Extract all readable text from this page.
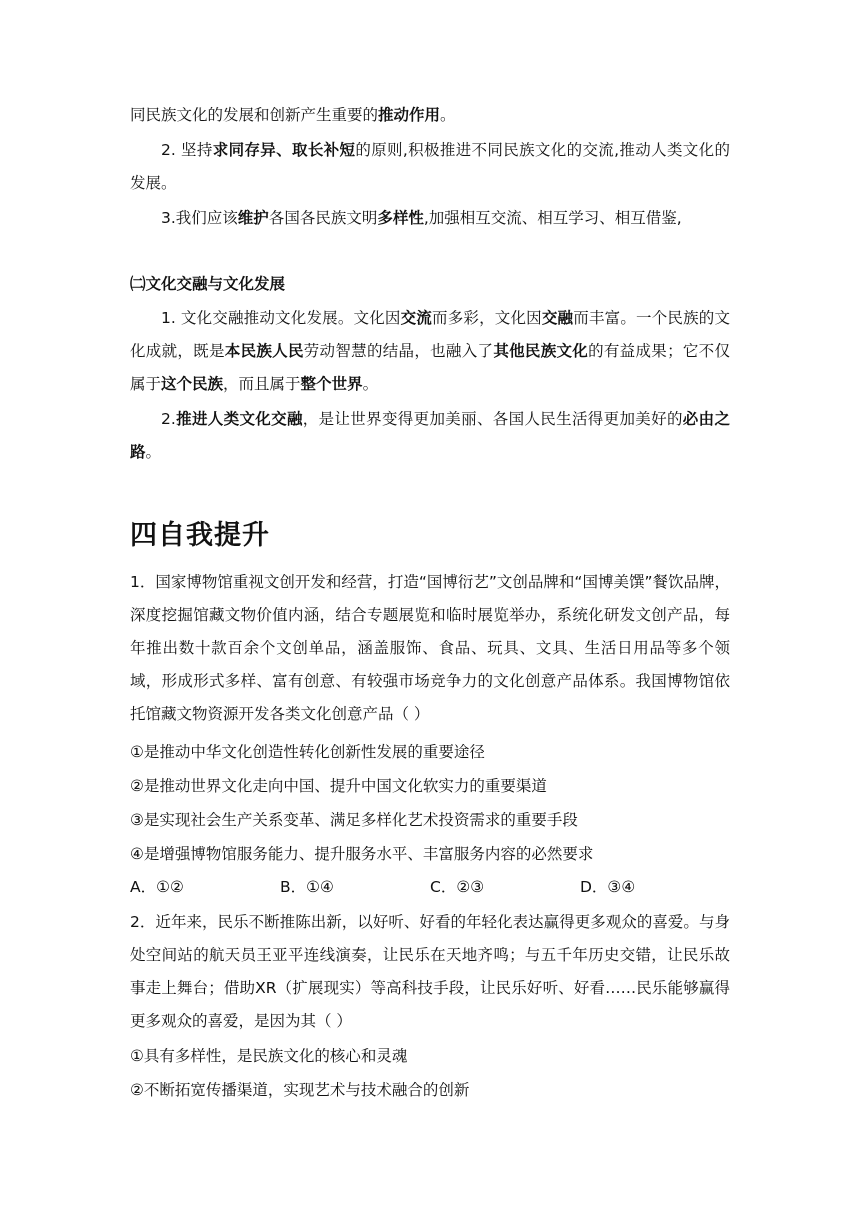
同民族文化的发展和创新产生重要的推动作用。
2. 坚持求同存异、取长补短的原则,积极推进不同民族文化的交流,推动人类文化的发展。
3.我们应该维护各国各民族文明多样性,加强相互交流、相互学习、相互借鉴,
㈡文化交融与文化发展
1. 文化交融推动文化发展。文化因交流而多彩，文化因交融而丰富。一个民族的文化成就，既是本民族人民劳动智慧的结晶，也融入了其他民族文化的有益成果；它不仅属于这个民族，而且属于整个世界。
2.推进人类文化交融，是让世界变得更加美丽、各国人民生活得更加美好的必由之路。
四自我提升
1．国家博物馆重视文创开发和经营，打造“国博衍艺”文创品牌和“国博美馔”餐饮品牌，深度挖掘馆藏文物价值内涵，结合专题展览和临时展览举办，系统化研发文创产品，每年推出数十款百余个文创单品，涵盖服饰、食品、玩具、文具、生活日用品等多个领域，形成形式多样、富有创意、有较强市场竞争力的文化创意产品体系。我国博物馆依托馆藏文物资源开发各类文化创意产品（ ）
①是推动中华文化创造性转化创新性发展的重要途径
②是推动世界文化走向中国、提升中国文化软实力的重要渠道
③是实现社会生产关系变革、满足多样化艺术投资需求的重要手段
④是增强博物馆服务能力、提升服务水平、丰富服务内容的必然要求
A．①②	B．①④	C．②③	D．③④
2．近年来，民乐不断推陈出新，以好听、好看的年轻化表达赢得更多观众的喜爱。与身处空间站的航天员王亚平连线演奏，让民乐在天地齐鸣；与五千年历史交错，让民乐故事走上舞台；借助XR（扩展现实）等高科技手段，让民乐好听、好看……民乐能够赢得更多观众的喜爱，是因为其（ ）
①具有多样性，是民族文化的核心和灵魂
②不断拓宽传播渠道，实现艺术与技术融合的创新
